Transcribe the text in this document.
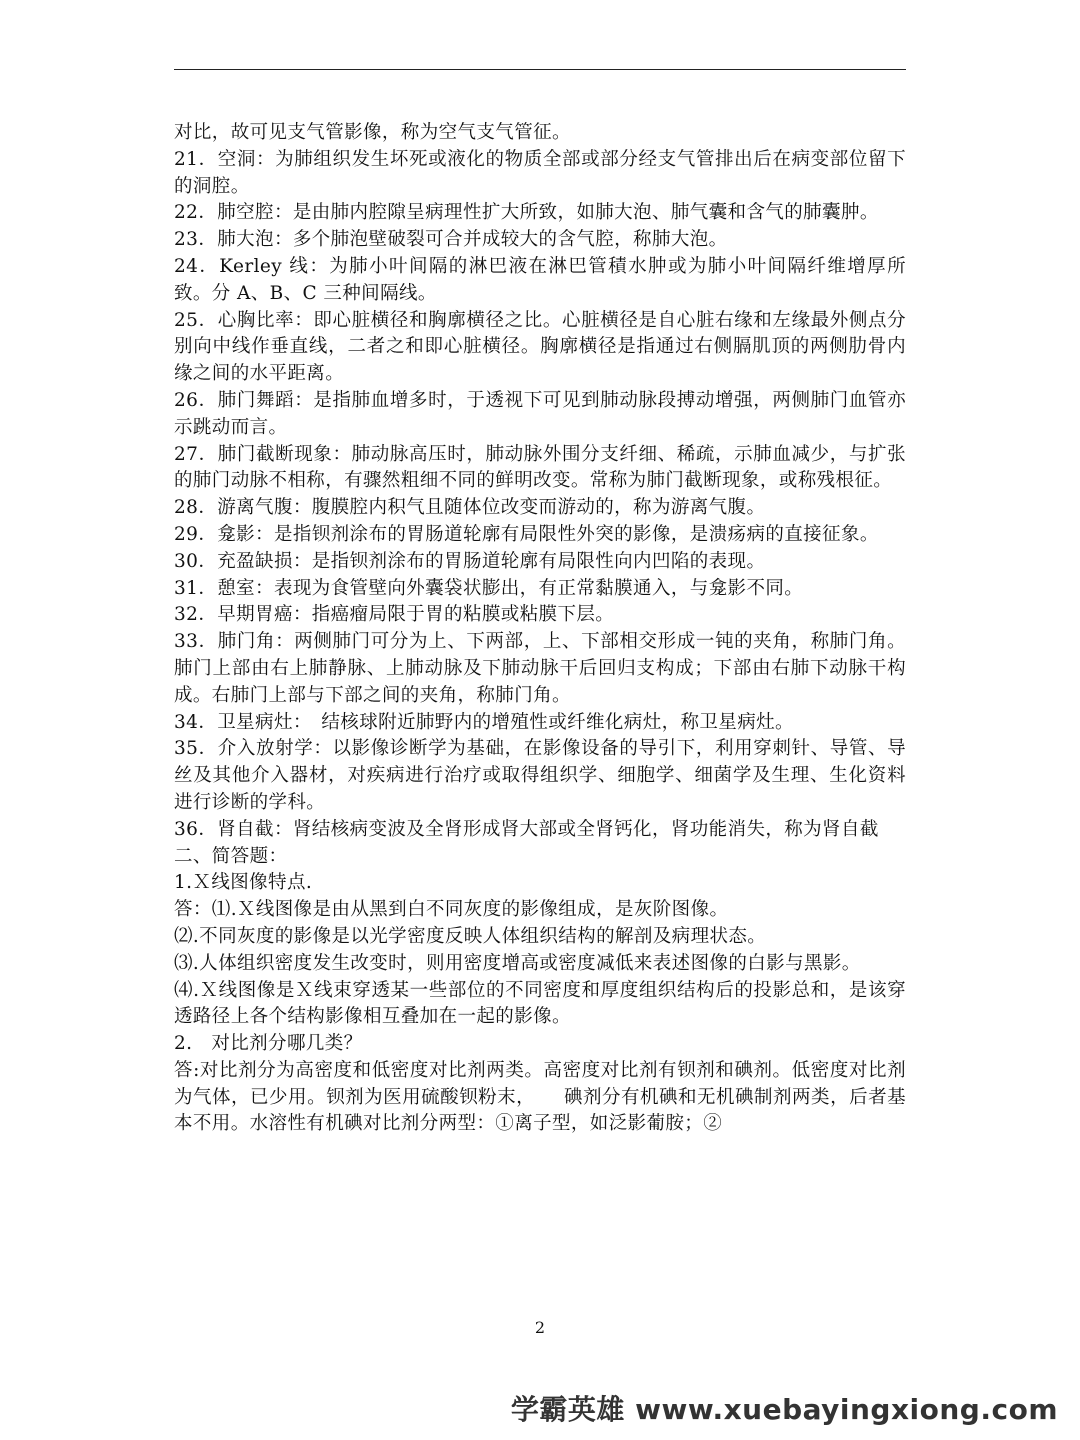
对比，故可见支气管影像，称为空气支气管征。

21．空洞：为肺组织发生坏死或液化的物质全部或部分经支气管排出后在病变部位留下的洞腔。

22．肺空腔：是由肺内腔隙呈病理性扩大所致，如肺大泡、肺气囊和含气的肺囊肿。

23．肺大泡：多个肺泡壁破裂可合并成较大的含气腔，称肺大泡。

24．Kerley 线：为肺小叶间隔的淋巴液在淋巴管積水肿或为肺小叶间隔纤维增厚所致。分 A、B、C 三种间隔线。

25．心胸比率：即心脏横径和胸廓横径之比。心脏横径是自心脏右缘和左缘最外侧点分别向中线作垂直线，二者之和即心脏横径。胸廓横径是指通过右侧膈肌顶的两侧肋骨内缘之间的水平距离。

26．肺门舞蹈：是指肺血增多时，于透视下可见到肺动脉段搏动增强，两侧肺门血管亦示跳动而言。

27．肺门截断现象：肺动脉高压时，肺动脉外围分支纤细、稀疏，示肺血减少，与扩张的肺门动脉不相称，有骤然粗细不同的鲜明改变。常称为肺门截断现象，或称残根征。

28．游离气腹：腹膜腔内积气且随体位改变而游动的，称为游离气腹。

29．龛影：是指钡剂涂布的胃肠道轮廓有局限性外突的影像，是溃疡病的直接征象。

30．充盈缺损：是指钡剂涂布的胃肠道轮廓有局限性向内凹陷的表现。

31．憩室：表现为食管壁向外囊袋状膨出，有正常黏膜通入，与龛影不同。

32．早期胃癌：指癌瘤局限于胃的粘膜或粘膜下层。

33．肺门角：两侧肺门可分为上、下两部，上、下部相交形成一钝的夹角，称肺门角。肺门上部由右上肺静脉、上肺动脉及下肺动脉干后回归支构成；下部由右肺下动脉干构成。右肺门上部与下部之间的夹角，称肺门角。

34．卫星病灶：　结核球附近肺野内的增殖性或纤维化病灶，称卫星病灶。

35．介入放射学：以影像诊断学为基础，在影像设备的导引下，利用穿刺针、导管、导丝及其他介入器材，对疾病进行治疗或取得组织学、细胞学、细菌学及生理、生化资料进行诊断的学科。

36．肾自截：肾结核病变波及全肾形成肾大部或全肾钙化，肾功能消失，称为肾自截

二、简答题：

1.Ｘ线图像特点.

答：⑴.Ｘ线图像是由从黑到白不同灰度的影像组成，是灰阶图像。

⑵.不同灰度的影像是以光学密度反映人体组织结构的解剖及病理状态。

⑶.人体组织密度发生改变时，则用密度增高或密度减低来表述图像的白影与黑影。

⑷.Ｘ线图像是Ｘ线束穿透某一些部位的不同密度和厚度组织结构后的投影总和，是该穿透路径上各个结构影像相互叠加在一起的影像。

2.　对比剂分哪几类？

答:对比剂分为高密度和低密度对比剂两类。高密度对比剂有钡剂和碘剂。低密度对比剂为气体，已少用。钡剂为医用硫酸钡粉末，　　碘剂分有机碘和无机碘制剂两类，后者基本不用。水溶性有机碘对比剂分两型：①离子型，如泛影葡胺；②

2
学霸英雄 www.xuebayingxiong.com
